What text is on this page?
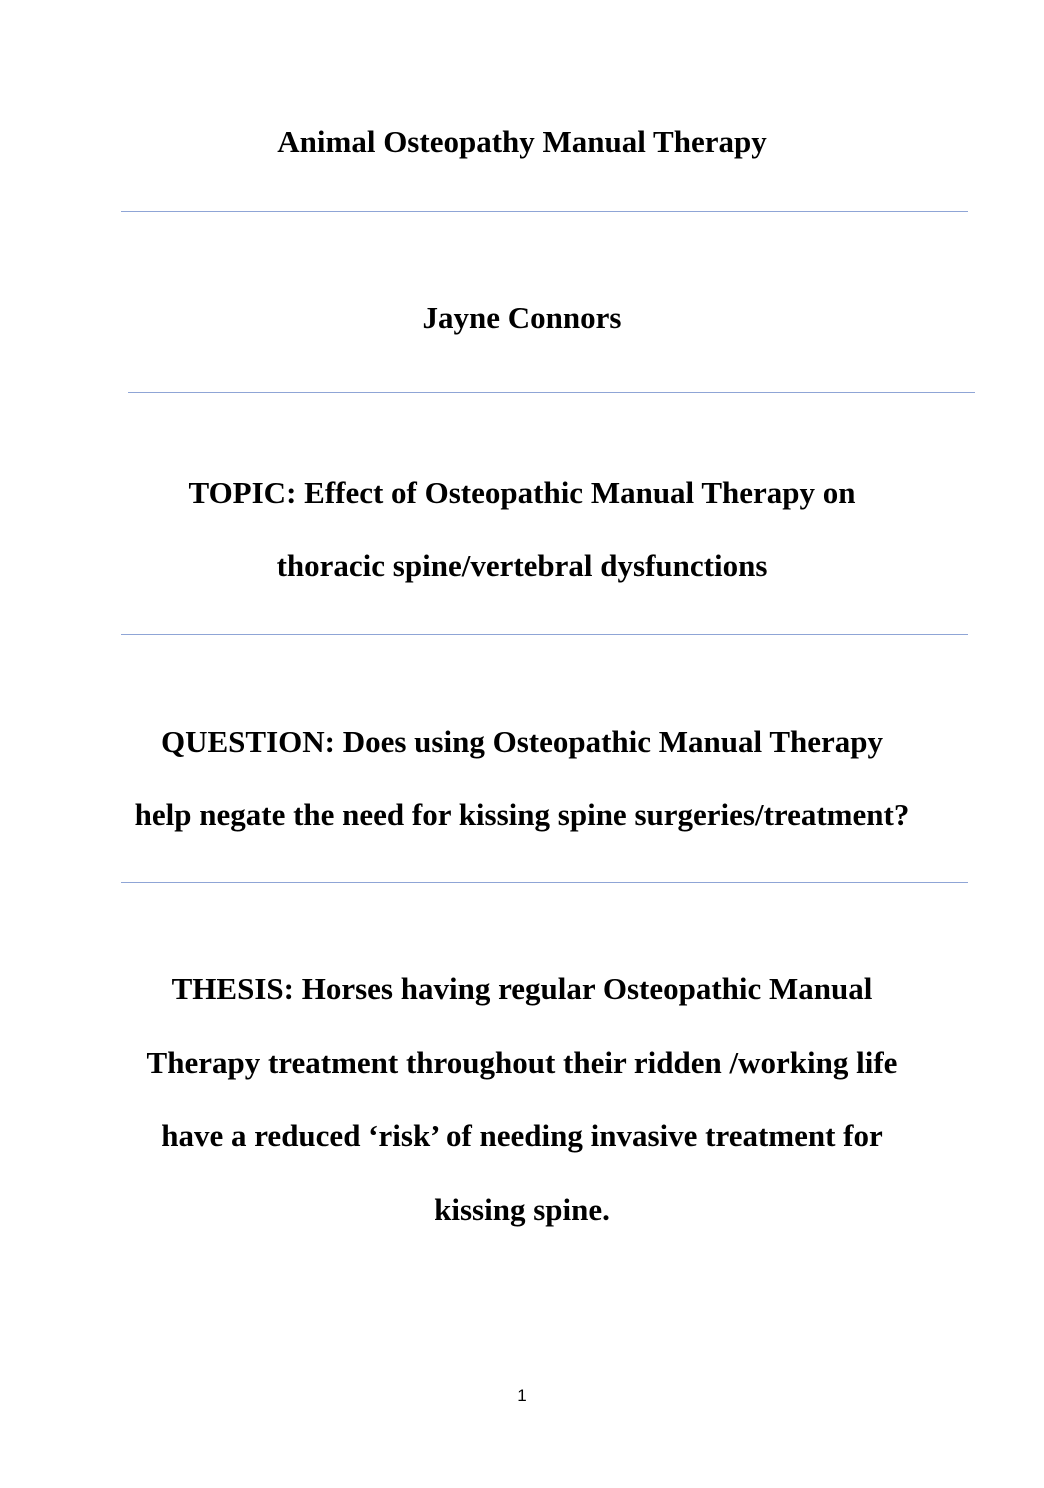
Animal Osteopathy Manual Therapy
Jayne Connors
TOPIC: Effect of Osteopathic Manual Therapy on
thoracic spine/vertebral dysfunctions
QUESTION: Does using Osteopathic Manual Therapy
help negate the need for kissing spine surgeries/treatment?
THESIS: Horses having regular Osteopathic Manual
Therapy treatment throughout their ridden /working life
have a reduced ‘risk’ of needing invasive treatment for
kissing spine.
1
